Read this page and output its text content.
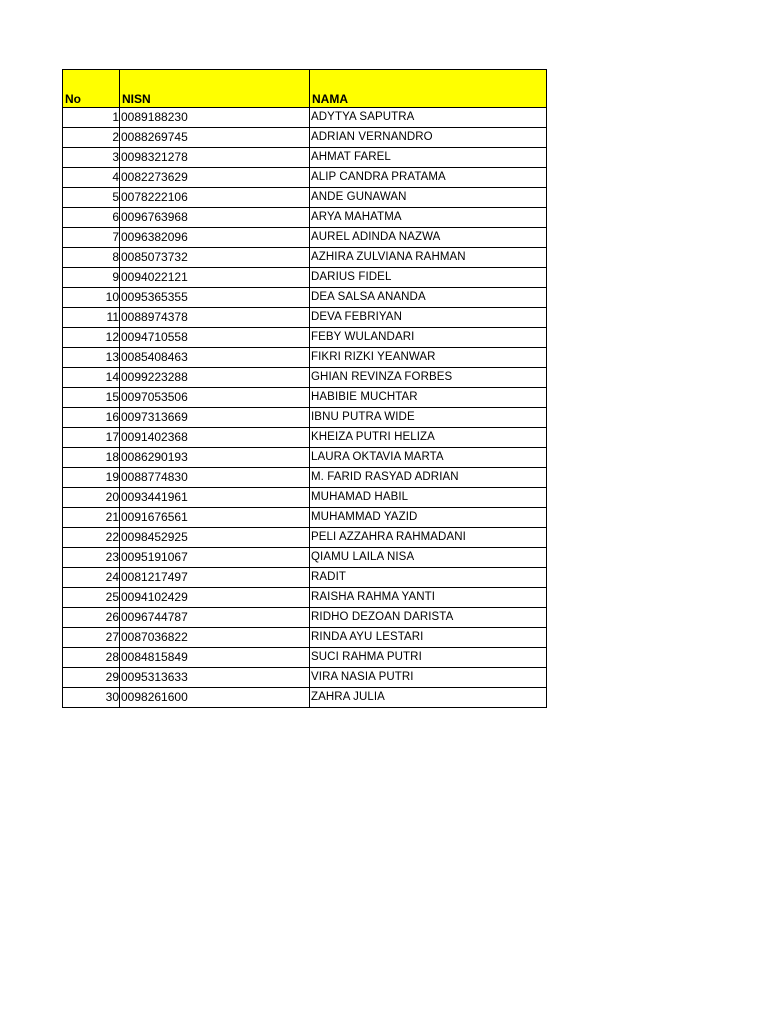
No	NISN	NAMA
1	0089188230	ADYTYA SAPUTRA
2	0088269745	ADRIAN VERNANDRO
3	0098321278	AHMAT FAREL
4	0082273629	ALIP CANDRA PRATAMA
5	0078222106	ANDE GUNAWAN
6	0096763968	ARYA MAHATMA
7	0096382096	AUREL ADINDA NAZWA
8	0085073732	AZHIRA ZULVIANA RAHMAN
9	0094022121	DARIUS FIDEL
10	0095365355	DEA SALSA ANANDA
11	0088974378	DEVA FEBRIYAN
12	0094710558	FEBY WULANDARI
13	0085408463	FIKRI RIZKI YEANWAR
14	0099223288	GHIAN REVINZA FORBES
15	0097053506	HABIBIE MUCHTAR
16	0097313669	IBNU PUTRA WIDE
17	0091402368	KHEIZA PUTRI HELIZA
18	0086290193	LAURA OKTAVIA MARTA
19	0088774830	M. FARID RASYAD ADRIAN
20	0093441961	MUHAMAD HABIL
21	0091676561	MUHAMMAD YAZID
22	0098452925	PELI AZZAHRA RAHMADANI
23	0095191067	QIAMU LAILA NISA
24	0081217497	RADIT
25	0094102429	RAISHA RAHMA YANTI
26	0096744787	RIDHO DEZOAN DARISTA
27	0087036822	RINDA AYU LESTARI
28	0084815849	SUCI RAHMA PUTRI
29	0095313633	VIRA NASIA PUTRI
30	0098261600	ZAHRA JULIA
